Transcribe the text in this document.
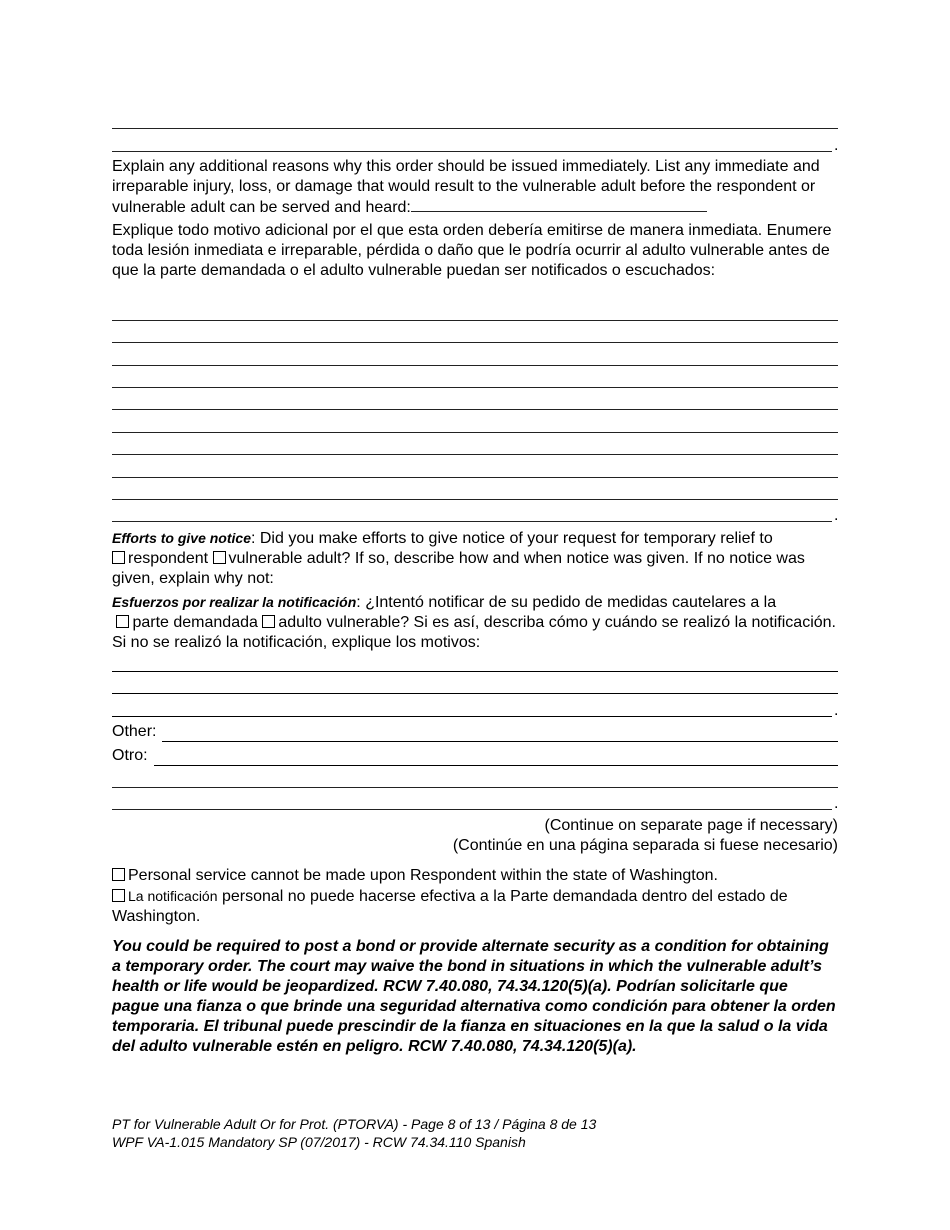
.
Explain any additional reasons why this order should be issued immediately. List any immediate and irreparable injury, loss, or damage that would result to the vulnerable adult before the respondent or vulnerable adult can be served and heard:
Explique todo motivo adicional por el que esta orden debería emitirse de manera inmediata. Enumere toda lesión inmediata e irreparable, pérdida o daño que le podría ocurrir al adulto vulnerable antes de que la parte demandada o el adulto vulnerable puedan ser notificados o escuchados:
.
Efforts to give notice: Did you make efforts to give notice of your request for temporary relief to
respondent vulnerable adult? If so, describe how and when notice was given. If no notice was given, explain why not:
Esfuerzos por realizar la notificación: ¿Intentó notificar de su pedido de medidas cautelares a la
parte demandada adulto vulnerable? Si es así, describa cómo y cuándo se realizó la notificación. Si no se realizó la notificación, explique los motivos:
.
Other:
Otro:
.
(Continue on separate page if necessary)
(Continúe en una página separada si fuese necesario)
Personal service cannot be made upon Respondent within the state of Washington.
La notificación personal no puede hacerse efectiva a la Parte demandada dentro del estado de Washington.
You could be required to post a bond or provide alternate security as a condition for obtaining a temporary order. The court may waive the bond in situations in which the vulnerable adult’s health or life would be jeopardized. RCW 7.40.080, 74.34.120(5)(a). Podrían solicitarle que pague una fianza o que brinde una seguridad alternativa como condición para obtener la orden temporaria. El tribunal puede prescindir de la fianza en situaciones en la que la salud o la vida del adulto vulnerable estén en peligro. RCW 7.40.080, 74.34.120(5)(a).
PT for Vulnerable Adult Or for Prot. (PTORVA) - Page 8 of 13 / Página 8 de 13
WPF VA-1.015 Mandatory SP (07/2017) - RCW 74.34.110 Spanish
